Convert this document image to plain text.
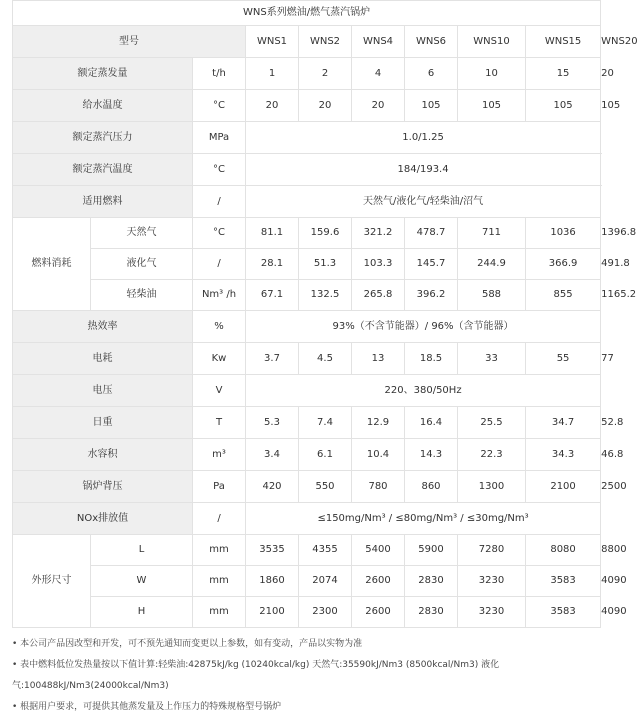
WNS系列燃油/燃气蒸汽锅炉									
型号			WNS1	WNS2	WNS4	WNS6	WNS10	WNS15	WNS20
额定蒸发量		t/h	1	2	4	6	10	15	20
给水温度		°C	20	20	20	105	105	105	105
额定蒸汽压力		MPa	1.0/1.25						
额定蒸汽温度		°C	184/193.4						
适用燃料		/	天然气/液化气/轻柴油/沼气						
燃料消耗	天然气	°C	81.1	159.6	321.2	478.7	711	1036	1396.8
	液化气	/	28.1	51.3	103.3	145.7	244.9	366.9	491.8
	轻柴油	Nm³ /h	67.1	132.5	265.8	396.2	588	855	1165.2
热效率		%	93%（不含节能器）/ 96%（含节能器）						
电耗		Kw	3.7	4.5	13	18.5	33	55	77
电压		V	220、380/50Hz						
日重		T	5.3	7.4	12.9	16.4	25.5	34.7	52.8
水容积		m³	3.4	6.1	10.4	14.3	22.3	34.3	46.8
锅炉背压		Pa	420	550	780	860	1300	2100	2500
NOx排放值		/	≤150mg/Nm³ / ≤80mg/Nm³ / ≤30mg/Nm³						
外形尺寸	L	mm	3535	4355	5400	5900	7280	8080	8800
	W	mm	1860	2074	2600	2830	3230	3583	4090
	H	mm	2100	2300	2600	2830	3230	3583	4090

• 本公司产品因改型和开发，可不预先通知而变更以上参数，如有变动，产品以实物为准

• 表中燃料低位发热量按以下值计算:轻柴油:42875kJ/kg (10240kcal/kg) 天然气:35590kJ/Nm3 (8500kcal/Nm3) 液化

气:100488kJ/Nm3(24000kcal/Nm3)

• 根据用户要求，可提供其他蒸发量及上作压力的特殊规格型号锅炉
